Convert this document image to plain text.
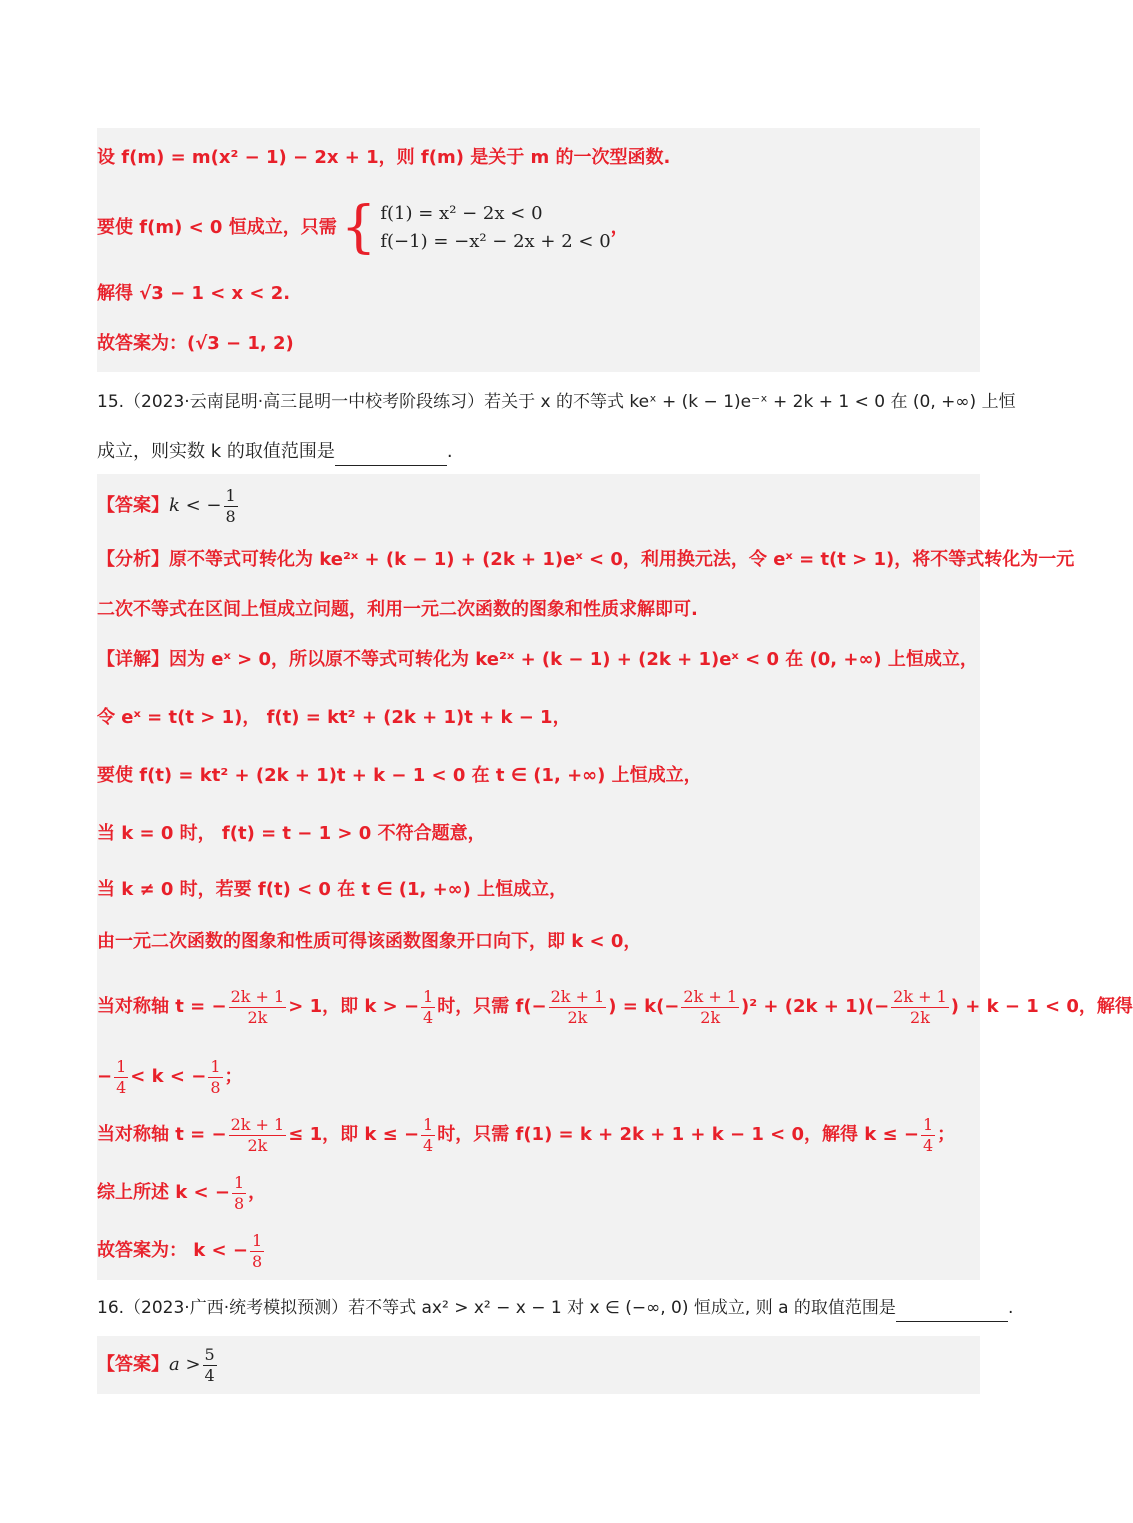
设 f(m) = m(x² − 1) − 2x + 1，则 f(m) 是关于 m 的一次型函数.
要使 f(m) < 0 恒成立，只需 { f(1) = x² − 2x < 0
f(−1) = −x² − 2x + 2 < 0
，
解得 √3 − 1 < x < 2.
故答案为：(√3 − 1, 2)
15.（2023·云南昆明·高三昆明一中校考阶段练习）若关于 x 的不等式 keˣ + (k − 1)e⁻ˣ + 2k + 1 < 0 在 (0, +∞) 上恒
成立，则实数 k 的取值范围是	.
【答案】 k < − $\frac{1}{8}$
【分析】原不等式可转化为 ke²ˣ + (k − 1) + (2k + 1)eˣ < 0，利用换元法，令 eˣ = t(t > 1)，将不等式转化为一元
二次不等式在区间上恒成立问题，利用一元二次函数的图象和性质求解即可.
【详解】因为 eˣ > 0，所以原不等式可转化为 ke²ˣ + (k − 1) + (2k + 1)eˣ < 0 在 (0, +∞) 上恒成立，
令 eˣ = t(t > 1)， f(t) = kt² + (2k + 1)t + k − 1，
要使 f(t) = kt² + (2k + 1)t + k − 1 < 0 在 t ∈ (1, +∞) 上恒成立，
当 k = 0 时， f(t) = t − 1 > 0 不符合题意，
当 k ≠ 0 时，若要 f(t) < 0 在 t ∈ (1, +∞) 上恒成立，
由一元二次函数的图象和性质可得该函数图象开口向下，即 k < 0，
当对称轴 t = − $\frac{2k + 1}{2k} > 1$，即 k > − $\frac{1}{4}$ 时，只需 $f(- \frac{2k + 1}{2k}$ ) = $k(- \frac{2k + 1}{2k} )^2 + (2k + 1)(- \frac{2k + 1}{2k}$ ) + k − 1 < 0，解得
− $\frac{1}{4} < k$ < − $\frac{1}{8}$ ；
当对称轴 t = − $\frac{2k + 1}{2k} \le 1$，即 k ≤ − $\frac{1}{4}$ 时，只需 f(1) = k + 2k + 1 + k − 1 < 0，解得 k ≤ − $\frac{1}{4}$ ；
综上所述 k < − $\frac{1}{8}$ ，
故答案为： k < − $\frac{1}{8}$
16.（2023·广西·统考模拟预测）若不等式 ax² > x² − x − 1 对 x ∈ (−∞, 0) 恒成立, 则 a 的取值范围是	.
【答案】 $a > \frac{5}{4}$
